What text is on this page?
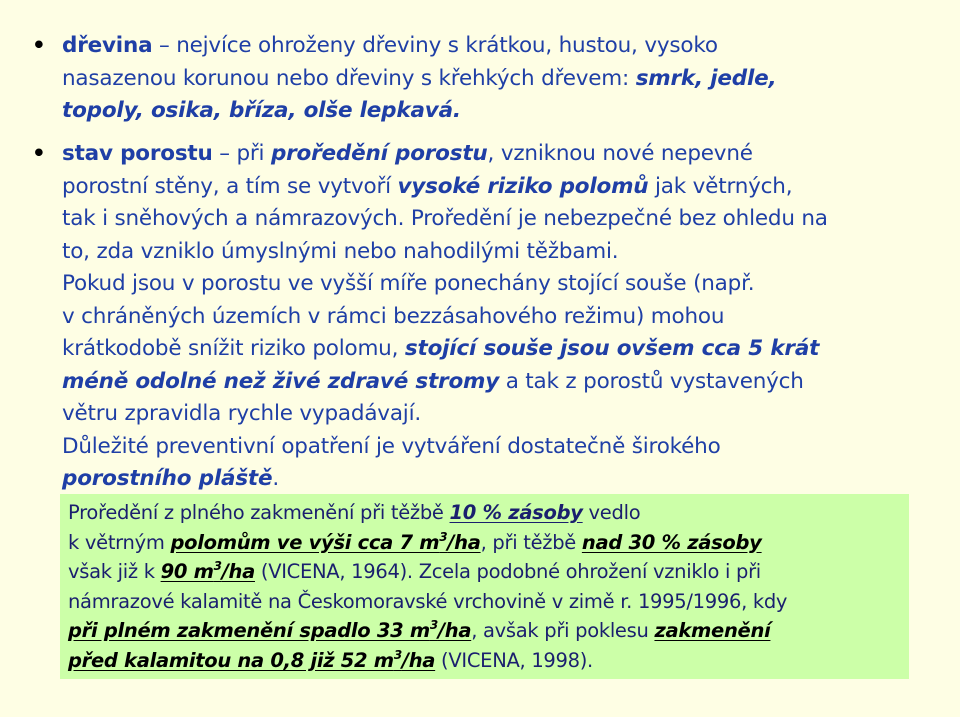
• dřevina – nejvíce ohroženy dřeviny s krátkou, hustou, vysoko
nasazenou korunou nebo dřeviny s křehkých dřevem: smrk, jedle,
topoly, osika, bříza, olše lepkavá.
• stav porostu – při proředění porostu, vzniknou nové nepevné
porostní stěny, a tím se vytvoří vysoké riziko polomů jak větrných,
tak i sněhových a námrazových. Proředění je nebezpečné bez ohledu na
to, zda vzniklo úmyslnými nebo nahodilými těžbami.
Pokud jsou v porostu ve vyšší míře ponechány stojící souše (např.
v chráněných územích v rámci bezzásahového režimu) mohou
krátkodobě snížit riziko polomu, stojící souše jsou ovšem cca 5 krát
méně odolné než živé zdravé stromy a tak z porostů vystavených
větru zpravidla rychle vypadávají.
Důležité preventivní opatření je vytváření dostatečně širokého
porostního pláště.
Proředění z plného zakmenění při těžbě 10 % zásoby vedlo
k větrným polomům ve výši cca 7 $m^3/ha$, při těžbě nad 30 % zásoby
však již k 90 $m^3/ha$ (VICENA, 1964). Zcela podobné ohrožení vzniklo i při
námrazové kalamitě na Českomoravské vrchovině v zimě r. 1995/1996, kdy
při plném zakmenění spadlo 33 $m^3/ha$, avšak při poklesu zakmenění
před kalamitou na 0,8 již 52 $m^3/ha$ (VICENA, 1998).
